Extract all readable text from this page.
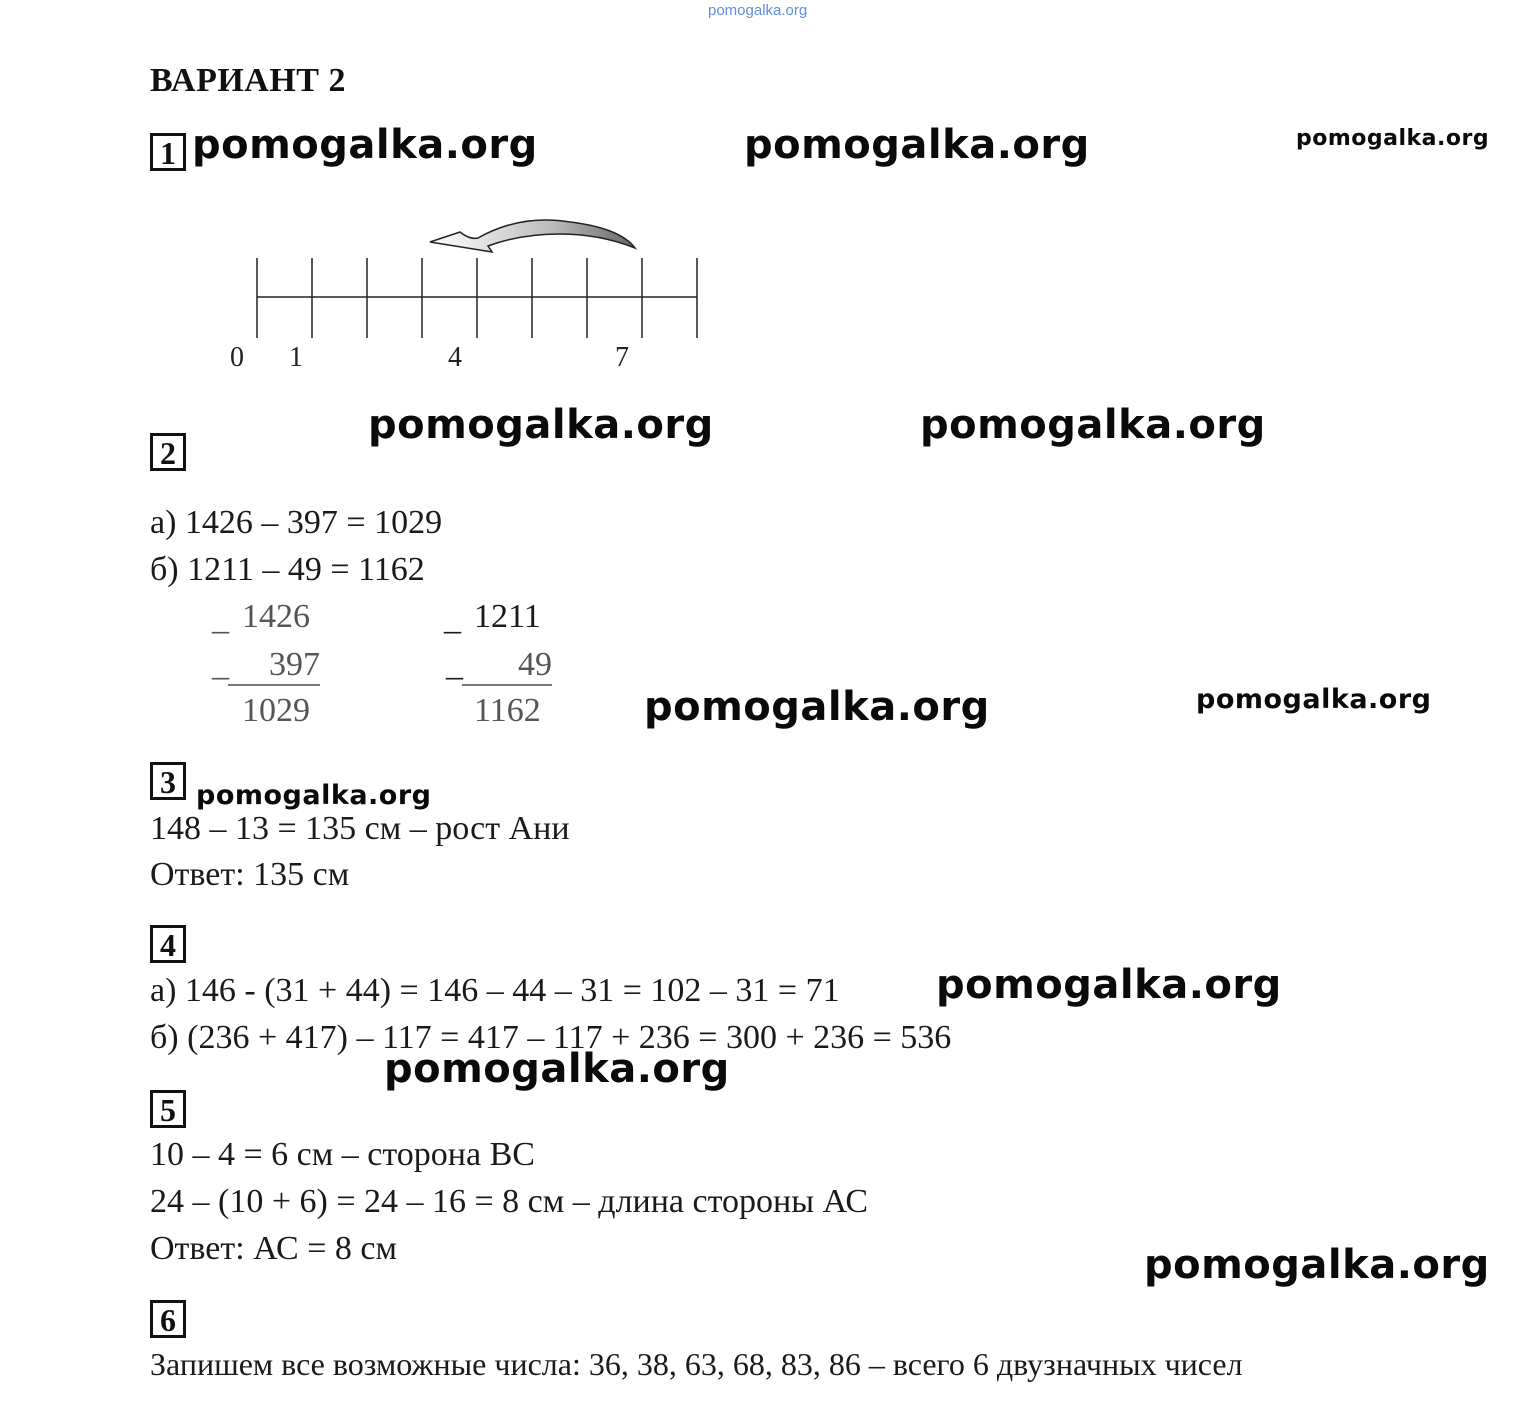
pomogalka.org
ВАРИАНТ 2
1 pomogalka.org	pomogalka.org	pomogalka.org
0 1	4	7
2
pomogalka.org	pomogalka.org
а) 1426 – 397 = 1029
б) 1211 – 49 = 1162
_ 1426
_	397
1029
_ 1211
_	49
1162	pomogalka.org	pomogalka.org
3 pomogalka.org
148 – 13 = 135 см – рост Ани
Ответ: 135 см
4
а) 146 - (31 + 44) = 146 – 44 – 31 = 102 – 31 = 71 pomogalka.org
б) (236 + 417) – 117 = 417 – 117 + 236 = 300 + 236 = 536
pomogalka.org
5
10 – 4 = 6 см – сторона ВС
24 – (10 + 6) = 24 – 16 = 8 см – длина стороны АС
Ответ: АС = 8 см	pomogalka.org
6
Запишем все возможные числа: 36, 38, 63, 68, 83, 86 – всего 6 двузначных чисел
